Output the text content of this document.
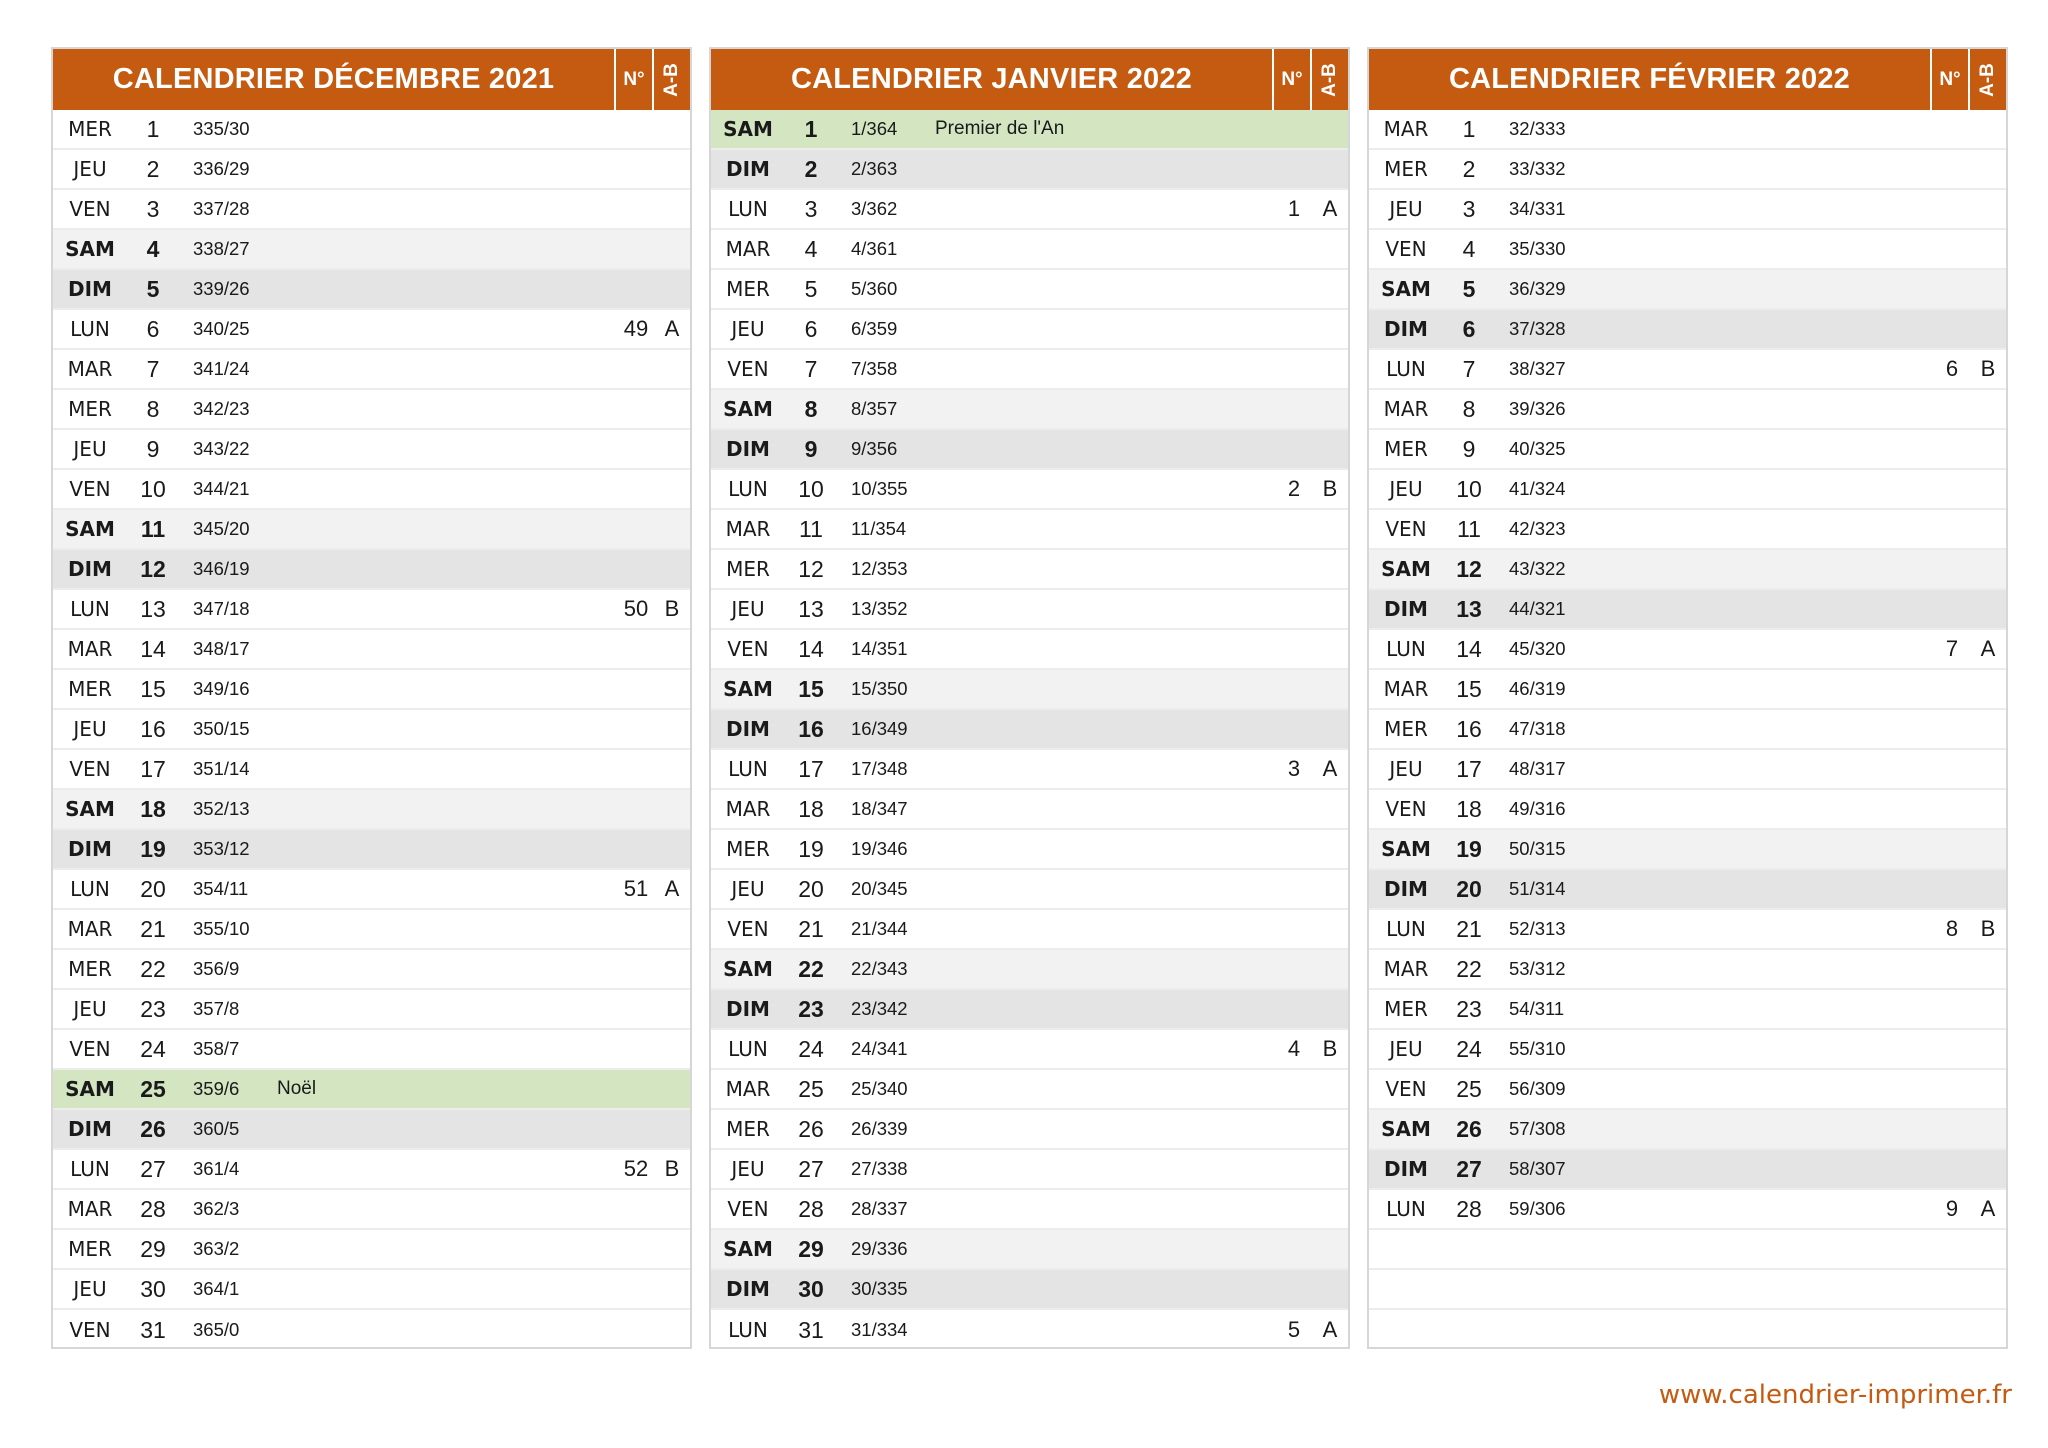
CALENDRIER DÉCEMBRE 2021	N° A-B
MER	1	335/30
JEU	2	336/29
VEN	3	337/28
SAM	4	338/27
DIM	5	339/26
LUN	6	340/25	49 A
MAR	7	341/24
MER	8	342/23
JEU	9	343/22
VEN	10	344/21
SAM	11	345/20
DIM	12	346/19
LUN	13	347/18	50 B
MAR	14	348/17
MER	15	349/16
JEU	16	350/15
VEN	17	351/14
SAM	18	352/13
DIM	19	353/12
LUN	20	354/11	51 A
MAR	21	355/10
MER	22	356/9
JEU	23	357/8
VEN	24	358/7
SAM	25	359/6	Noël
DIM	26	360/5
LUN	27	361/4	52 B
MAR	28	362/3
MER	29	363/2
JEU	30	364/1
VEN	31	365/0
CALENDRIER JANVIER 2022	N° A-B
SAM	1	1/364	Premier de l'An
DIM	2	2/363
LUN	3	3/362	1	A
MAR	4	4/361
MER	5	5/360
JEU	6	6/359
VEN	7	7/358
SAM	8	8/357
DIM	9	9/356
LUN	10	10/355	2	B
MAR	11	11/354
MER	12	12/353
JEU	13	13/352
VEN	14	14/351
SAM	15	15/350
DIM	16	16/349
LUN	17	17/348	3	A
MAR	18	18/347
MER	19	19/346
JEU	20	20/345
VEN	21	21/344
SAM	22	22/343
DIM	23	23/342
LUN	24	24/341	4	B
MAR	25	25/340
MER	26	26/339
JEU	27	27/338
VEN	28	28/337
SAM	29	29/336
DIM	30	30/335
LUN	31	31/334	5	A
CALENDRIER FÉVRIER 2022	N° A-B
MAR	1	32/333
MER	2	33/332
JEU	3	34/331
VEN	4	35/330
SAM	5	36/329
DIM	6	37/328
LUN	7	38/327	6	B
MAR	8	39/326
MER	9	40/325
JEU	10	41/324
VEN	11	42/323
SAM	12	43/322
DIM	13	44/321
LUN	14	45/320	7	A
MAR	15	46/319
MER	16	47/318
JEU	17	48/317
VEN	18	49/316
SAM	19	50/315
DIM	20	51/314
LUN	21	52/313	8	B
MAR	22	53/312
MER	23	54/311
JEU	24	55/310
VEN	25	56/309
SAM	26	57/308
DIM	27	58/307
LUN	28	59/306	9	A
www.calendrier-imprimer.fr
